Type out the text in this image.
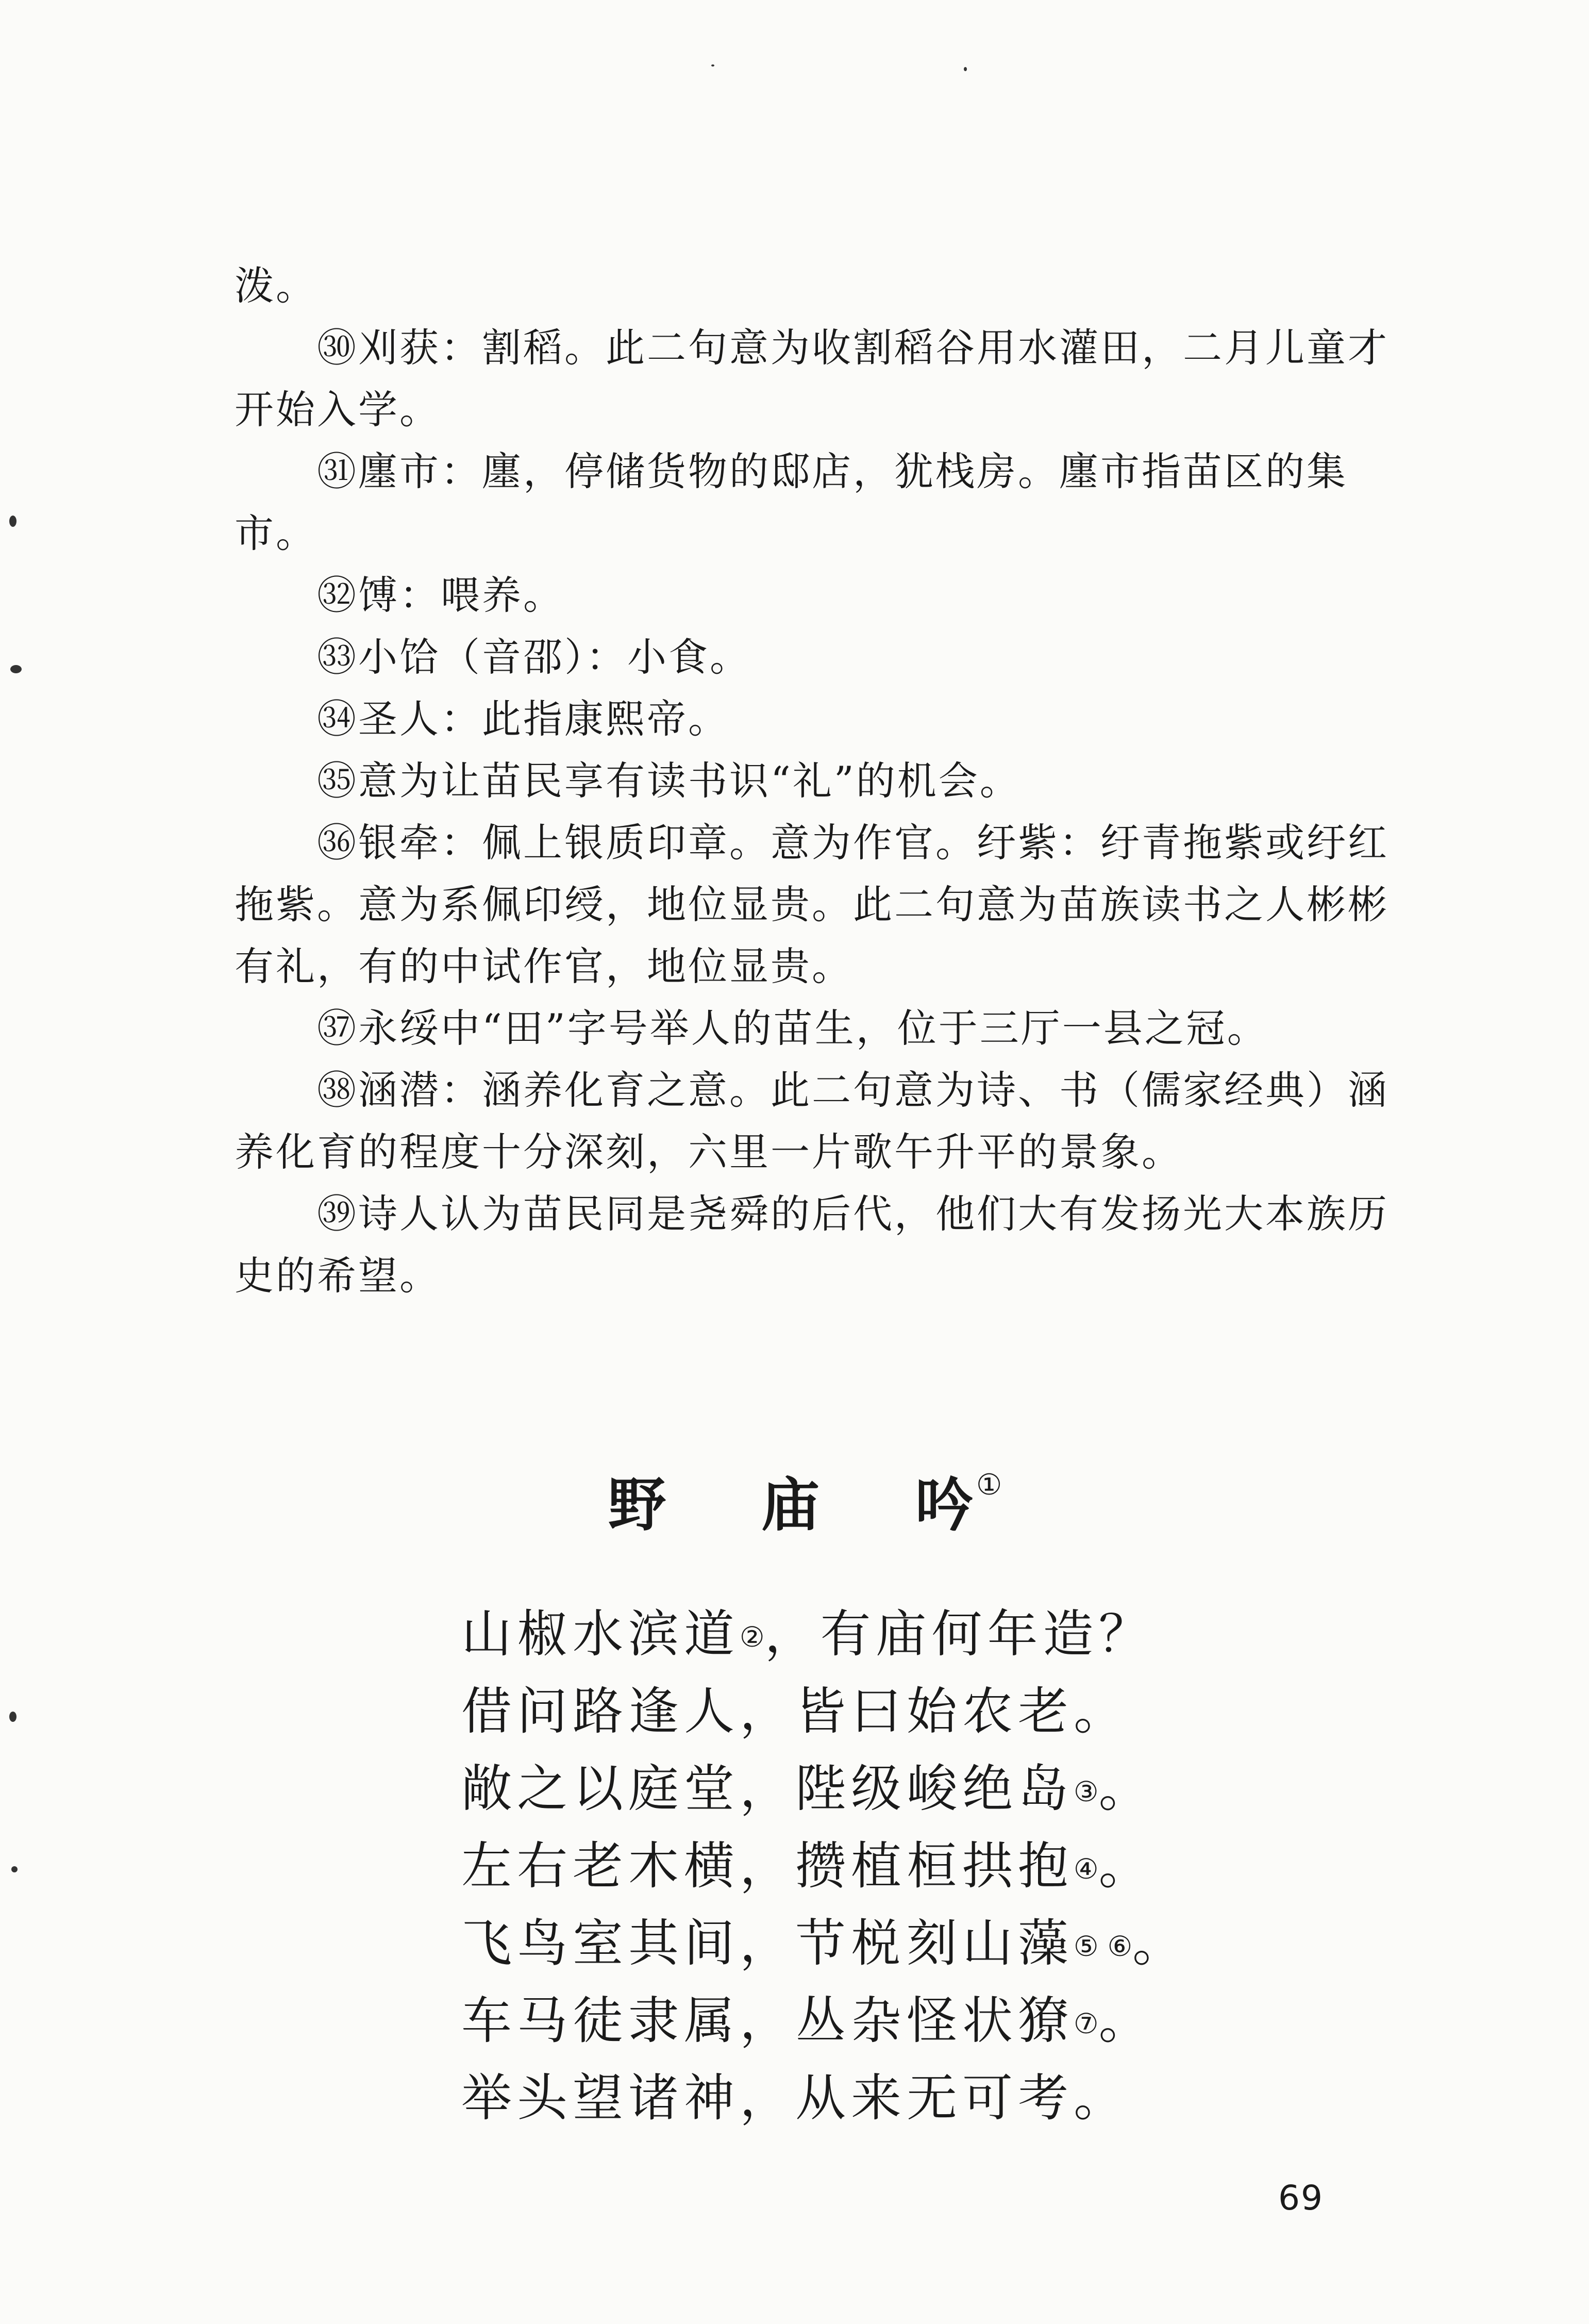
泼。

㉚刈获：割稻。此二句意为收割稻谷用水灌田，二月儿童才开始入学。

㉛廛市：廛，停储货物的邸店，犹栈房。廛市指苗区的集市。

㉜馎：喂养。

㉝小饸（音邵）：小食。

㉞圣人：此指康熙帝。

㉟意为让苗民享有读书识“礼”的机会。

㊱银牵：佩上银质印章。意为作官。纡紫：纡青拖紫或纡红拖紫。意为系佩印绶，地位显贵。此二句意为苗族读书之人彬彬有礼，有的中试作官，地位显贵。

㊲永绥中“田”字号举人的苗生，位于三厅一县之冠。

㊳涵潜：涵养化育之意。此二句意为诗、书（儒家经典）涵养化育的程度十分深刻，六里一片歌午升平的景象。

㊴诗人认为苗民同是尧舜的后代，他们大有发扬光大本族历史的希望。

野 庙 吟①
山椒水滨道②，有庙何年造？
借问路逢人，皆曰始农老。
敞之以庭堂，陛级峻绝岛③。
左右老木横，攒植桓拱抱④。
飞鸟室其间，节棁刻山藻⑤ ⑥。
车马徒隶属，丛杂怪状獠⑦。
举头望诸神，从来无可考。
69
